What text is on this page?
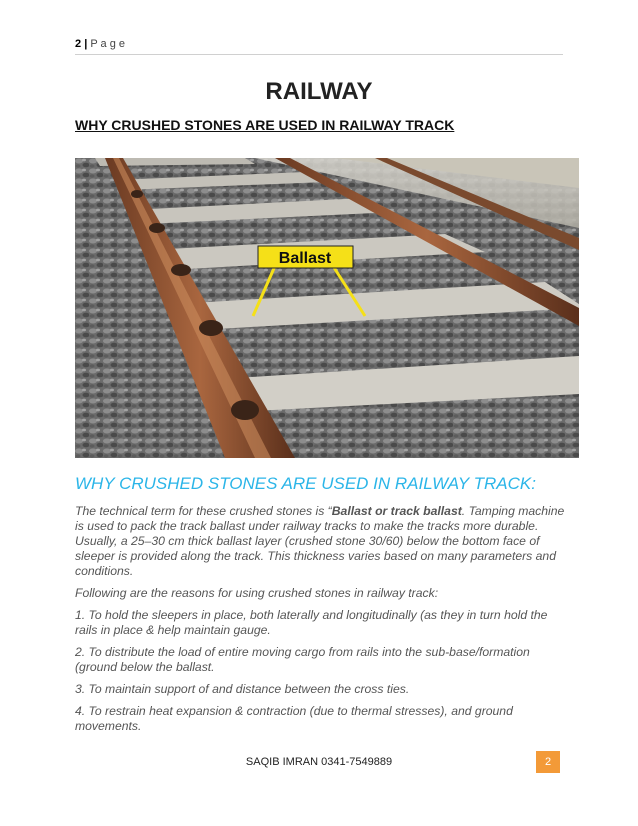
2 | P a g e
RAILWAY
WHY CRUSHED STONES ARE USED IN RAILWAY TRACK
Ballast
WHY CRUSHED STONES ARE USED IN RAILWAY TRACK:

The technical term for these crushed stones is “Ballast or track ballast. Tamping machine is used to pack the track ballast under railway tracks to make the tracks more durable. Usually, a 25–30 cm thick ballast layer (crushed stone 30/60) below the bottom face of sleeper is provided along the track. This thickness varies based on many parameters and conditions.

Following are the reasons for using crushed stones in railway track:

1. To hold the sleepers in place, both laterally and longitudinally (as they in turn hold the rails in place & help maintain gauge.

2. To distribute the load of entire moving cargo from rails into the sub-base/formation (ground below the ballast.

3. To maintain support of and distance between the cross ties.

4. To restrain heat expansion & contraction (due to thermal stresses), and ground movements.

SAQIB IMRAN 0341-7549889	2
